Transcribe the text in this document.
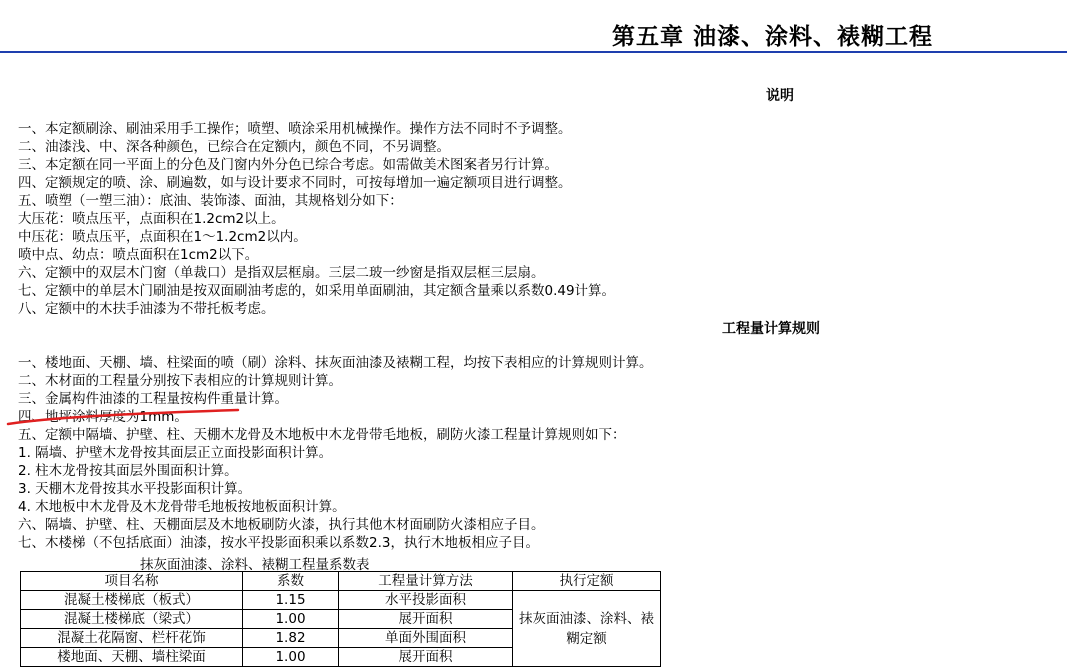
第五章 油漆、涂料、裱糊工程
说明
一、本定额刷涂、刷油采用手工操作；喷塑、喷涂采用机械操作。操作方法不同时不予调整。
二、油漆浅、中、深各种颜色，已综合在定额内，颜色不同，不另调整。
三、本定额在同一平面上的分色及门窗内外分色已综合考虑。如需做美术图案者另行计算。
四、定额规定的喷、涂、刷遍数，如与设计要求不同时，可按每增加一遍定额项目进行调整。
五、喷塑（一塑三油）：底油、装饰漆、面油，其规格划分如下：
大压花：喷点压平，点面积在1.2cm2以上。
中压花：喷点压平，点面积在1～1.2cm2以内。
喷中点、幼点：喷点面积在1cm2以下。
六、定额中的双层木门窗（单裁口）是指双层框扇。三层二玻一纱窗是指双层框三层扇。
七、定额中的单层木门刷油是按双面刷油考虑的，如采用单面刷油，其定额含量乘以系数0.49计算。
八、定额中的木扶手油漆为不带托板考虑。
工程量计算规则
一、楼地面、天棚、墙、柱梁面的喷（刷）涂料、抹灰面油漆及裱糊工程，均按下表相应的计算规则计算。
二、木材面的工程量分别按下表相应的计算规则计算。
三、金属构件油漆的工程量按构件重量计算。
四、地坪涂料厚度为1mm。
五、定额中隔墙、护壁、柱、天棚木龙骨及木地板中木龙骨带毛地板，刷防火漆工程量计算规则如下：
1. 隔墙、护壁木龙骨按其面层正立面投影面积计算。
2. 柱木龙骨按其面层外围面积计算。
3. 天棚木龙骨按其水平投影面积计算。
4. 木地板中木龙骨及木龙骨带毛地板按地板面积计算。
六、隔墙、护壁、柱、天棚面层及木地板刷防火漆，执行其他木材面刷防火漆相应子目。
七、木楼梯（不包括底面）油漆，按水平投影面积乘以系数2.3，执行木地板相应子目。
抹灰面油漆、涂料、裱糊工程量系数表
项目名称	系数	工程量计算方法	执行定额
混凝土楼梯底（板式）	1.15	水平投影面积	抹灰面油漆、涂料、裱糊定额
混凝土楼梯底（梁式）	1.00	展开面积	
混凝土花隔窗、栏杆花饰	1.82	单面外围面积	
楼地面、天棚、墙柱梁面	1.00	展开面积	
